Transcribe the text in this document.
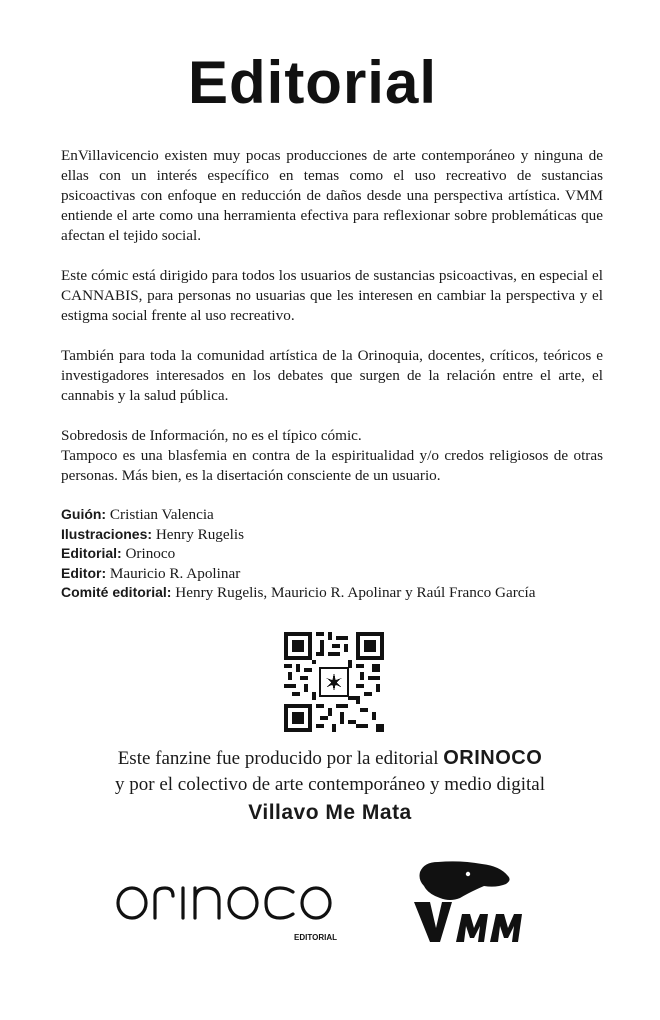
Editorial

EnVillavicencio existen muy pocas producciones de arte contemporáneo y ninguna de ellas con un interés específico en temas como el uso recreativo de sustancias psicoactivas con enfoque en reducción de daños desde una perspectiva artística. VMM entiende el arte como una herramienta efectiva para reflexionar sobre problemáticas que afectan el tejido social.

Este cómic está dirigido para todos los usuarios de sustancias psicoactivas, en especial el CANNABIS, para personas no usuarias que les interesen en cambiar la perspectiva y el estigma social frente al uso recreativo.

También para toda la comunidad artística de la Orinoquia, docentes, críticos, teóricos e investigadores interesados en los debates que surgen de la relación entre el arte, el cannabis y la salud pública.

Sobredosis de Información, no es el típico cómic.

Tampoco es una blasfemia en contra de la espiritualidad y/o credos religiosos de otras personas. Más bien, es la disertación consciente de un usuario.

Guión: Cristian Valencia
Ilustraciones: Henry Rugelis
Editorial: Orinoco
Editor: Mauricio R. Apolinar
Comité editorial: Henry Rugelis, Mauricio R. Apolinar y Raúl Franco García
Este fanzine fue producido por la editorial ORINOCO
y por el colectivo de arte contemporáneo y medio digital
Villavo Me Mata
EDITORIAL
